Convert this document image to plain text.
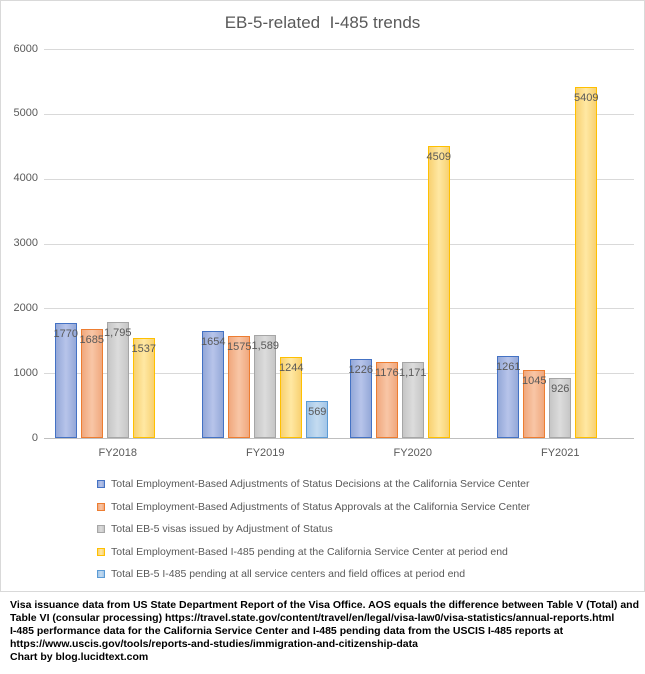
EB-5-related  I-485 trends
0
1000
2000
3000
4000
5000
6000
1770 1685
1,795
1537
FY2018
1654 1575 1,589
1244
569
FY2019
1226 1176 1,171
4509
FY2020
1261
1045
926
5409
FY2021
Total Employment-Based Adjustments of Status Decisions at the California Service Center
Total Employment-Based Adjustments of Status Approvals at the California Service Center
Total EB-5 visas issued by Adjustment of Status
Total Employment-Based I-485 pending at the California Service Center at period end
Total EB-5 I-485 pending at all service centers and field offices at period end
Visa issuance data from US State Department Report of the Visa Office. AOS equals the difference between Table V (Total) and
Table VI (consular processing) https://travel.state.gov/content/travel/en/legal/visa-law0/visa-statistics/annual-reports.html
I-485 performance data for the California Service Center and I-485 pending data from the USCIS I-485 reports at
https://www.uscis.gov/tools/reports-and-studies/immigration-and-citizenship-data
Chart by blog.lucidtext.com
